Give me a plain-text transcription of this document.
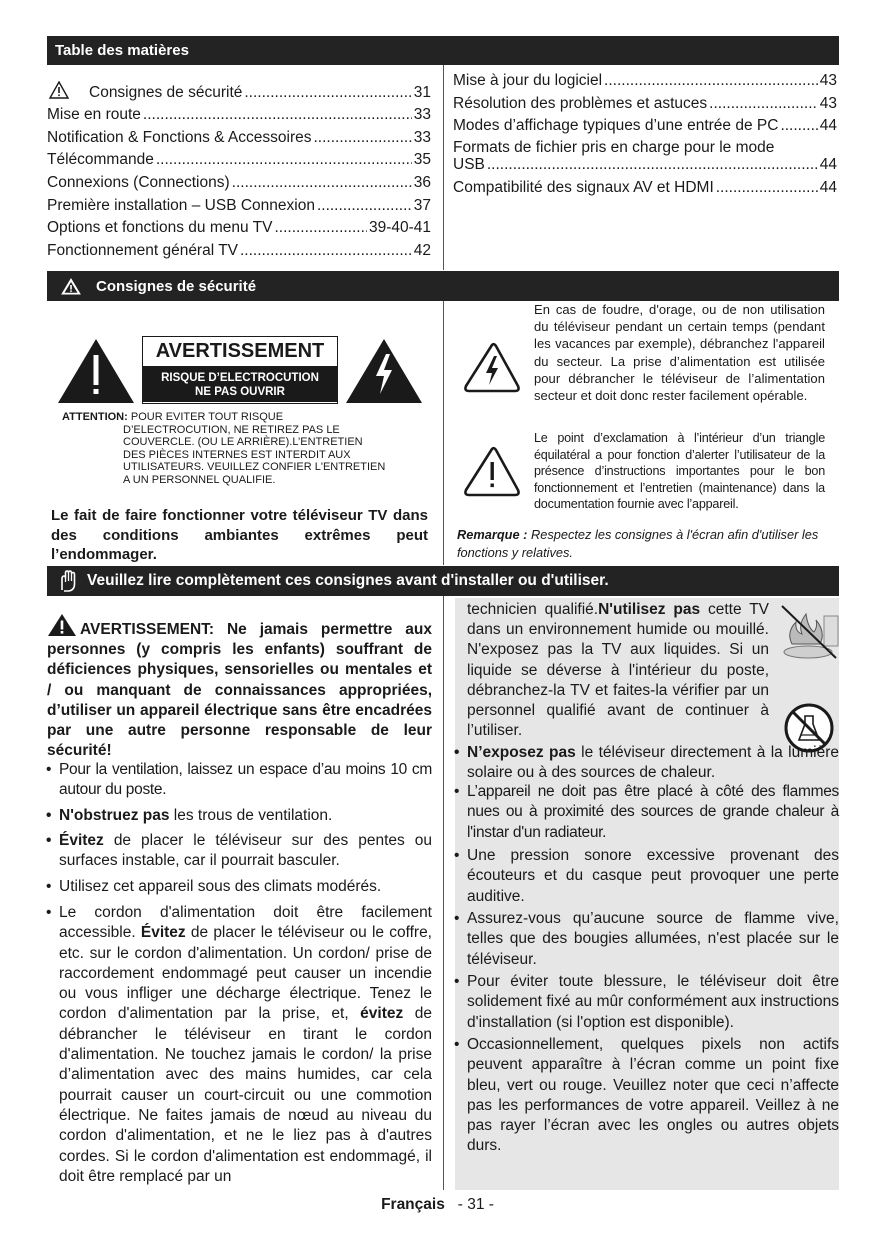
Table des matières
Consignes de sécurité .....	31
Mise en route .....	33
Notification & Fonctions & Accessoires .....	33
Télécommande .....	35
Connexions (Connections) .....	36
Première installation – USB Connexion .....	37
Options et fonctions du menu TV .....	39-40-41
Fonctionnement général TV .....	42
Mise à jour du logiciel .....	43
Résolution des problèmes et astuces .....	43
Modes d’affichage typiques d’une entrée de PC .....	44
Formats de fichier pris en charge pour le mode
USB .....	44
Compatibilité des signaux AV et HDMI .....	44
Consignes de sécurité
AVERTISSEMENT
RISQUE D’ELECTROCUTION
NE PAS OUVRIR
ATTENTION: POUR EVITER TOUT RISQUE
D’ELECTROCUTION, NE RETIREZ PAS LE
COUVERCLE. (OU LE ARRIÈRE).L’ENTRETIEN
DES PIÈCES INTERNES EST INTERDIT AUX
UTILISATEURS. VEUILLEZ CONFIER L'ENTRETIEN
A UN PERSONNEL QUALIFIE.
Le fait de faire fonctionner votre téléviseur TV dans des conditions ambiantes extrêmes peut l’endommager.
En cas de foudre, d'orage, ou de non utilisation du téléviseur pendant un certain temps (pendant les vacances par exemple), débranchez l'appareil du secteur. La prise d’alimentation est utilisée pour débrancher le téléviseur de l’alimentation secteur et doit donc rester facilement opérable.
Le point d’exclamation à l’intérieur d’un triangle équilatéral a pour fonction d’alerter l’utilisateur de la présence d’instructions importantes pour le bon fonctionnement et l’entretien (maintenance) dans la documentation fournie avec l’appareil.
Remarque : Respectez les consignes à l'écran afin d'utiliser les fonctions y relatives.
Veuillez lire complètement ces consignes avant d'installer ou d'utiliser.
AVERTISSEMENT: Ne jamais permettre aux personnes (y compris les enfants) souffrant de déficiences physiques, sensorielles ou mentales et / ou manquant de connaissances appropriées, d’utiliser un appareil électrique sans être encadrées par une autre personne responsable de leur sécurité!
• Pour la ventilation, laissez un espace d’au moins 10 cm autour du poste.
• N'obstruez pas les trous de ventilation.
• Évitez de placer le téléviseur sur des pentes ou surfaces instable, car il pourrait basculer.
• Utilisez cet appareil sous des climats modérés.
• Le cordon d'alimentation doit être facilement accessible. Évitez de placer le téléviseur ou le coffre, etc. sur le cordon d'alimentation. Un cordon/ prise de raccordement endommagé peut causer un incendie ou vous infliger une décharge électrique. Tenez le cordon d'alimentation par la prise, et, évitez de débrancher le téléviseur en tirant le cordon d'alimentation. Ne touchez jamais le cordon/ la prise d’alimentation avec des mains humides, car cela pourrait causer un court-circuit ou une commotion électrique. Ne faites jamais de nœud au niveau du cordon d'alimentation, et ne le liez pas à d'autres cordes. Si le cordon d'alimentation est endommagé, il doit être remplacé par un
technicien qualifié.N'utilisez pas cette TV dans un environnement humide ou mouillé. N'exposez pas la TV aux liquides. Si un liquide se déverse à l'intérieur du poste, débranchez-la TV et faites-la vérifier par un personnel qualifié avant de continuer à l’utiliser.
• N’exposez pas le téléviseur directement à la lumière solaire ou à des sources de chaleur.
• L’appareil ne doit pas être placé à côté des flammes nues ou à proximité des sources de grande chaleur à l'instar d'un radiateur.
• Une pression sonore excessive provenant des écouteurs et du casque peut provoquer une perte auditive.
• Assurez-vous qu’aucune source de flamme vive, telles que des bougies allumées, n'est placée sur le téléviseur.
• Pour éviter toute blessure, le téléviseur doit être solidement fixé au mûr conformément aux instructions d'installation (si l'option est disponible).
• Occasionnellement, quelques pixels non actifs peuvent apparaître à l’écran comme un point fixe bleu, vert ou rouge. Veuillez noter que ceci n’affecte pas les performances de votre appareil. Veillez à ne pas rayer l’écran avec les ongles ou autres objets durs.
Français - 31 -
